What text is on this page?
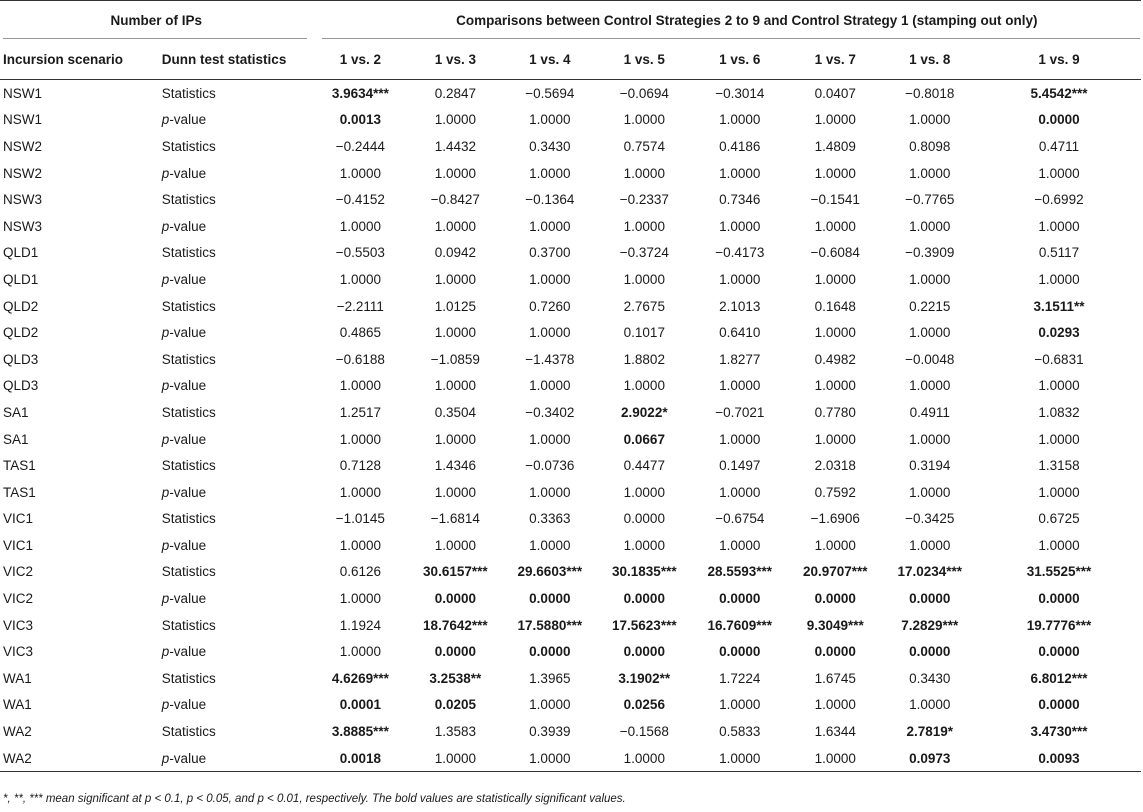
Number of IPs		Comparisons between Control Strategies 2 to 9 and Control Strategy 1 (stamping out only)							
Incursion scenario	Dunn test statistics	1 vs. 2	1 vs. 3	1 vs. 4	1 vs. 5	1 vs. 6	1 vs. 7	1 vs. 8	1 vs. 9
NSW1	Statistics	3.9634***	0.2847	−0.5694	−0.0694	−0.3014	0.0407	−0.8018	5.4542***
NSW1	p-value	0.0013	1.0000	1.0000	1.0000	1.0000	1.0000	1.0000	0.0000
NSW2	Statistics	−0.2444	1.4432	0.3430	0.7574	0.4186	1.4809	0.8098	0.4711
NSW2	p-value	1.0000	1.0000	1.0000	1.0000	1.0000	1.0000	1.0000	1.0000
NSW3	Statistics	−0.4152	−0.8427	−0.1364	−0.2337	0.7346	−0.1541	−0.7765	−0.6992
NSW3	p-value	1.0000	1.0000	1.0000	1.0000	1.0000	1.0000	1.0000	1.0000
QLD1	Statistics	−0.5503	0.0942	0.3700	−0.3724	−0.4173	−0.6084	−0.3909	0.5117
QLD1	p-value	1.0000	1.0000	1.0000	1.0000	1.0000	1.0000	1.0000	1.0000
QLD2	Statistics	−2.2111	1.0125	0.7260	2.7675	2.1013	0.1648	0.2215	3.1511**
QLD2	p-value	0.4865	1.0000	1.0000	0.1017	0.6410	1.0000	1.0000	0.0293
QLD3	Statistics	−0.6188	−1.0859	−1.4378	1.8802	1.8277	0.4982	−0.0048	−0.6831
QLD3	p-value	1.0000	1.0000	1.0000	1.0000	1.0000	1.0000	1.0000	1.0000
SA1	Statistics	1.2517	0.3504	−0.3402	2.9022*	−0.7021	0.7780	0.4911	1.0832
SA1	p-value	1.0000	1.0000	1.0000	0.0667	1.0000	1.0000	1.0000	1.0000
TAS1	Statistics	0.7128	1.4346	−0.0736	0.4477	0.1497	2.0318	0.3194	1.3158
TAS1	p-value	1.0000	1.0000	1.0000	1.0000	1.0000	0.7592	1.0000	1.0000
VIC1	Statistics	−1.0145	−1.6814	0.3363	0.0000	−0.6754	−1.6906	−0.3425	0.6725
VIC1	p-value	1.0000	1.0000	1.0000	1.0000	1.0000	1.0000	1.0000	1.0000
VIC2	Statistics	0.6126	30.6157***	29.6603***	30.1835***	28.5593***	20.9707***	17.0234***	31.5525***
VIC2	p-value	1.0000	0.0000	0.0000	0.0000	0.0000	0.0000	0.0000	0.0000
VIC3	Statistics	1.1924	18.7642***	17.5880***	17.5623***	16.7609***	9.3049***	7.2829***	19.7776***
VIC3	p-value	1.0000	0.0000	0.0000	0.0000	0.0000	0.0000	0.0000	0.0000
WA1	Statistics	4.6269***	3.2538**	1.3965	3.1902**	1.7224	1.6745	0.3430	6.8012***
WA1	p-value	0.0001	0.0205	1.0000	0.0256	1.0000	1.0000	1.0000	0.0000
WA2	Statistics	3.8885***	1.3583	0.3939	−0.1568	0.5833	1.6344	2.7819*	3.4730***
WA2	p-value	0.0018	1.0000	1.0000	1.0000	1.0000	1.0000	0.0973	0.0093
*, **, *** mean significant at p < 0.1, p < 0.05, and p < 0.01, respectively. The bold values are statistically significant values.
